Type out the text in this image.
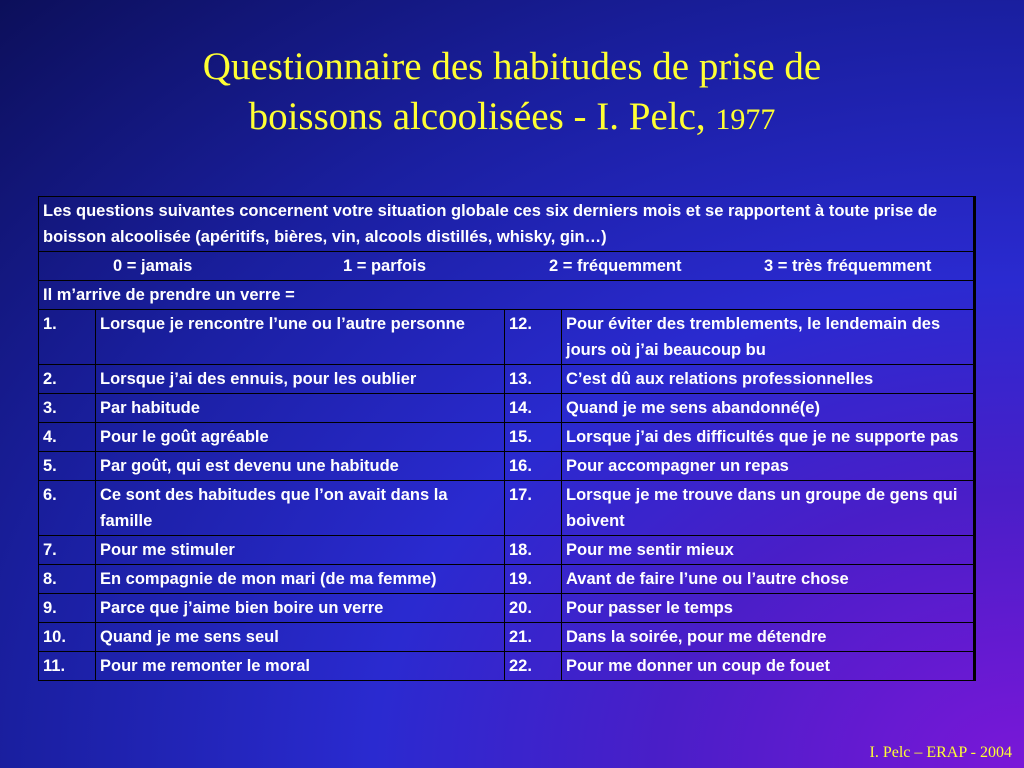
Questionnaire des habitudes de prise de
boissons alcoolisées - I. Pelc, 1977
Les questions suivantes concernent votre situation globale ces six derniers mois et se rapportent à toute prise de boisson alcoolisée (apéritifs, bières, vin, alcools distillés, whisky, gin…)			
0 = jamais 1 = parfois 2 = fréquemment 3 = très fréquemment			
Il m’arrive de prendre un verre =			
1.	Lorsque je rencontre l’une ou l’autre personne	12.	Pour éviter des tremblements, le lendemain des jours où j’ai beaucoup bu
2.	Lorsque j’ai des ennuis, pour les oublier	13.	C’est dû aux relations professionnelles
3.	Par habitude	14.	Quand je me sens abandonné(e)
4.	Pour le goût agréable	15.	Lorsque j’ai des difficultés que je ne supporte pas
5.	Par goût, qui est devenu une habitude	16.	Pour accompagner un repas
6.	Ce sont des habitudes que l’on avait dans la famille	17.	Lorsque je me trouve dans un groupe de gens qui boivent
7.	Pour me stimuler	18.	Pour me sentir mieux
8.	En compagnie de mon mari (de ma femme)	19.	Avant de faire l’une ou l’autre chose
9.	Parce que j’aime bien boire un verre	20.	Pour passer le temps
10.	Quand je me sens seul	21.	Dans la soirée, pour me détendre
11.	Pour me remonter le moral	22.	Pour me donner un coup de fouet
I. Pelc – ERAP - 2004
